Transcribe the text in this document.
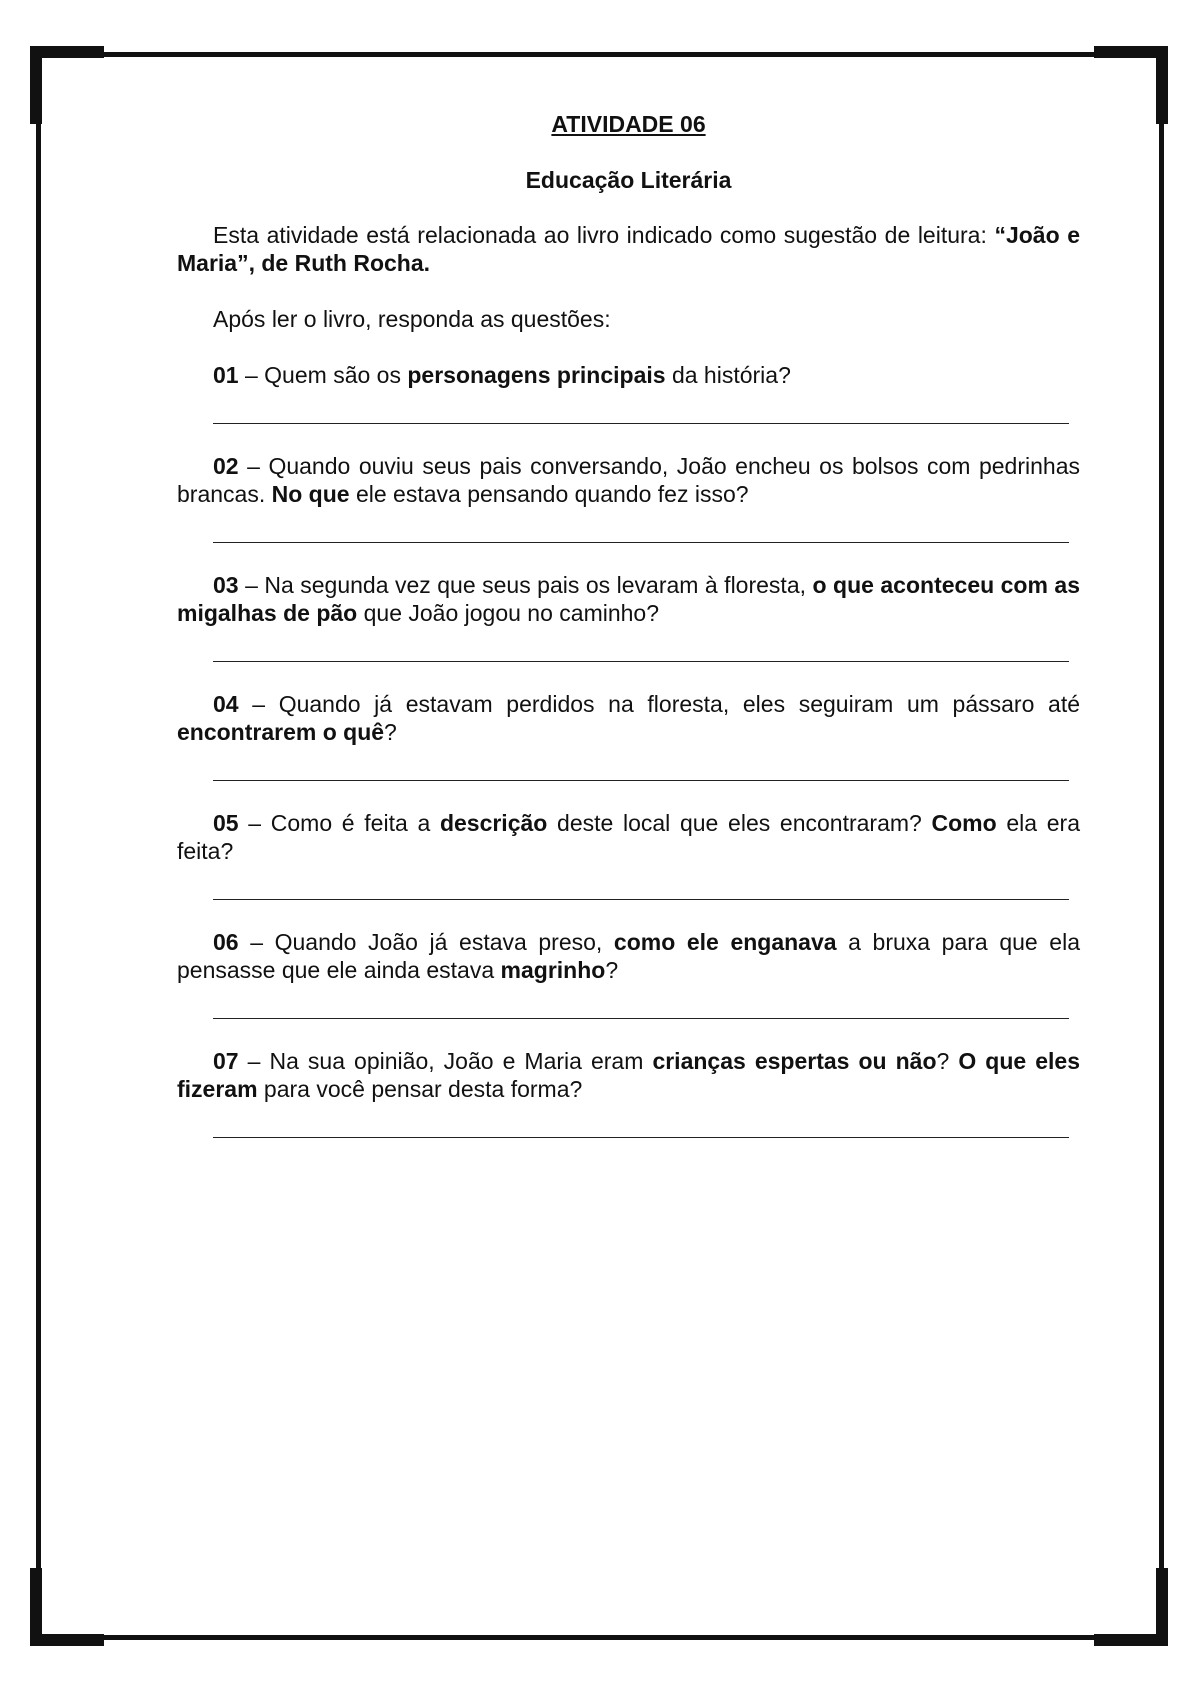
ATIVIDADE 06
Educação Literária

Esta atividade está relacionada ao livro indicado como sugestão de leitura: “João e Maria”, de Ruth Rocha.

Após ler o livro, responda as questões:

01 – Quem são os personagens principais da história?

02 – Quando ouviu seus pais conversando, João encheu os bolsos com pedrinhas brancas. No que ele estava pensando quando fez isso?

03 – Na segunda vez que seus pais os levaram à floresta, o que aconteceu com as migalhas de pão que João jogou no caminho?

04 – Quando já estavam perdidos na floresta, eles seguiram um pássaro até encontrarem o quê?

05 – Como é feita a descrição deste local que eles encontraram? Como ela era feita?

06 – Quando João já estava preso, como ele enganava a bruxa para que ela pensasse que ele ainda estava magrinho?

07 – Na sua opinião, João e Maria eram crianças espertas ou não? O que eles fizeram para você pensar desta forma?
